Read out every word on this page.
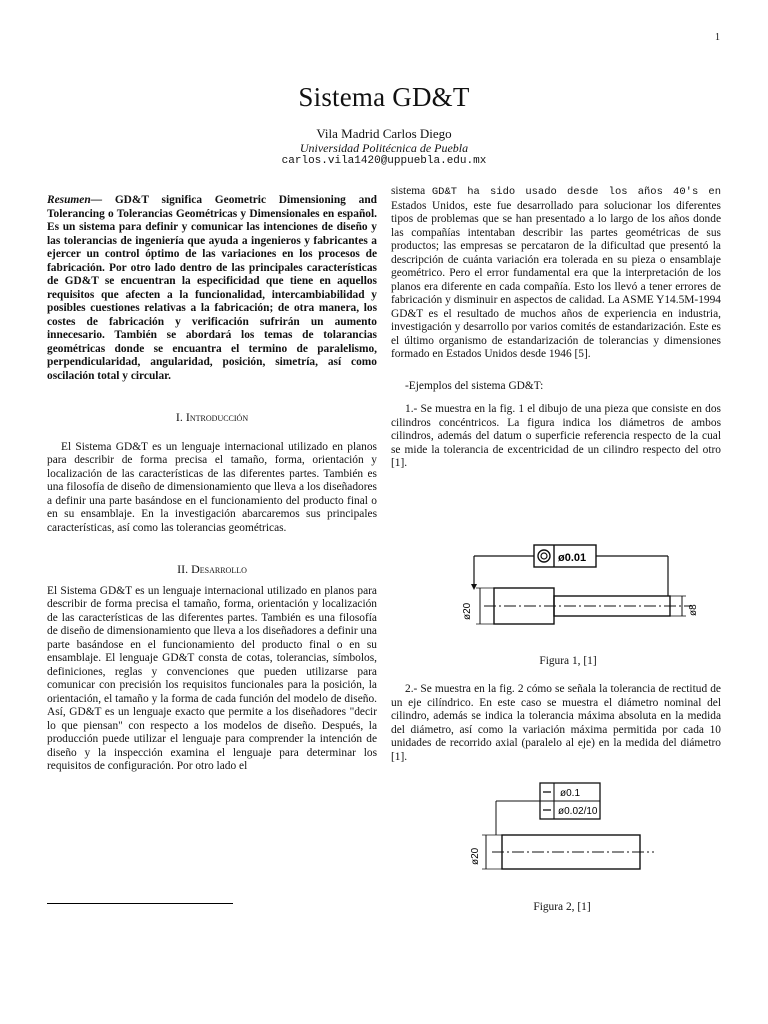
1
Sistema GD&T
Vila Madrid Carlos Diego
Universidad Politécnica de Puebla
carlos.vila1420@uppuebla.edu.mx

Resumen— GD&T significa Geometric Dimensioning and Tolerancing o Tolerancias Geométricas y Dimensionales en español. Es un sistema para definir y comunicar las intenciones de diseño y las tolerancias de ingeniería que ayuda a ingenieros y fabricantes a ejercer un control óptimo de las variaciones en los procesos de fabricación. Por otro lado dentro de las principales características de GD&T se encuentran la especificidad que tiene en aquellos requisitos que afecten a la funcionalidad, intercambiabilidad y posibles cuestiones relativas a la fabricación; de otra manera, los costes de fabricación y verificación sufrirán un aumento innecesario. También se abordará los temas de tolarancias geométricas donde se encuantra el termino de paralelismo, perpendicularidad, angularidad, posición, simetría, así como oscilación total y circular.

I. Introducción

El Sistema GD&T es un lenguaje internacional utilizado en planos para describir de forma precisa el tamaño, forma, orientación y localización de las características de las diferentes partes. También es una filosofía de diseño de dimensionamiento que lleva a los diseñadores a definir una parte basándose en el funcionamiento del producto final o en su ensamblaje. En la investigación abarcaremos sus principales características, así como las tolerancias geométricas.

II. Desarrollo

El Sistema GD&T es un lenguaje internacional utilizado en planos para describir de forma precisa el tamaño, forma, orientación y localización de las características de las diferentes partes. También es una filosofía de diseño de dimensionamiento que lleva a los diseñadores a definir una parte basándose en el funcionamiento del producto final o en su ensamblaje. El lenguaje GD&T consta de cotas, tolerancias, símbolos, definiciones, reglas y convenciones que pueden utilizarse para comunicar con precisión los requisitos funcionales para la posición, la orientación, el tamaño y la forma de cada función del modelo de diseño. Así, GD&T es un lenguaje exacto que permite a los diseñadores "decir lo que piensan" con respecto a los modelos de diseño. Después, la producción puede utilizar el lenguaje para comprender la intención de diseño y la inspección examina el lenguaje para determinar los requisitos de configuración. Por otro lado el

sistema GD&T ha sido usado desde los años 40's en Estados Unidos, este fue desarrollado para solucionar los diferentes tipos de problemas que se han presentado a lo largo de los años donde las compañías intentaban describir las partes geométricas de sus productos; las empresas se percataron de la dificultad que presentó la descripción de cuánta variación era tolerada en su pieza o ensamblaje geométrico. Pero el error fundamental era que la interpretación de los planos era diferente en cada compañía. Esto los llevó a tener errores de fabricación y disminuir en aspectos de calidad. La ASME Y14.5M-1994 GD&T es el resultado de muchos años de experiencia en industria, investigación y desarrollo por varios comités de estandarización. Este es el último organismo de estandarización de tolerancias y dimensiones formado en Estados Unidos desde 1946 [5].

-Ejemplos del sistema GD&T:

1.- Se muestra en la fig. 1 el dibujo de una pieza que consiste en dos cilindros concéntricos. La figura indica los diámetros de ambos cilindros, además del datum o superficie referencia respecto de la cual se mide la tolerancia de excentricidad de un cilindro respecto del otro [1].

2.- Se muestra en la fig. 2 cómo se señala la tolerancia de rectitud de un eje cilíndrico. En este caso se muestra el diámetro nominal del cilindro, además se indica la tolerancia máxima absoluta en la medida del diámetro, así como la variación máxima permitida por cada 10 unidades de recorrido axial (paralelo al eje) en la medida del diámetro [1].

ø0.01
ø20	ø8
Figura 1, [1]
ø0.1
ø0.02/10
ø20
Figura 2, [1]
